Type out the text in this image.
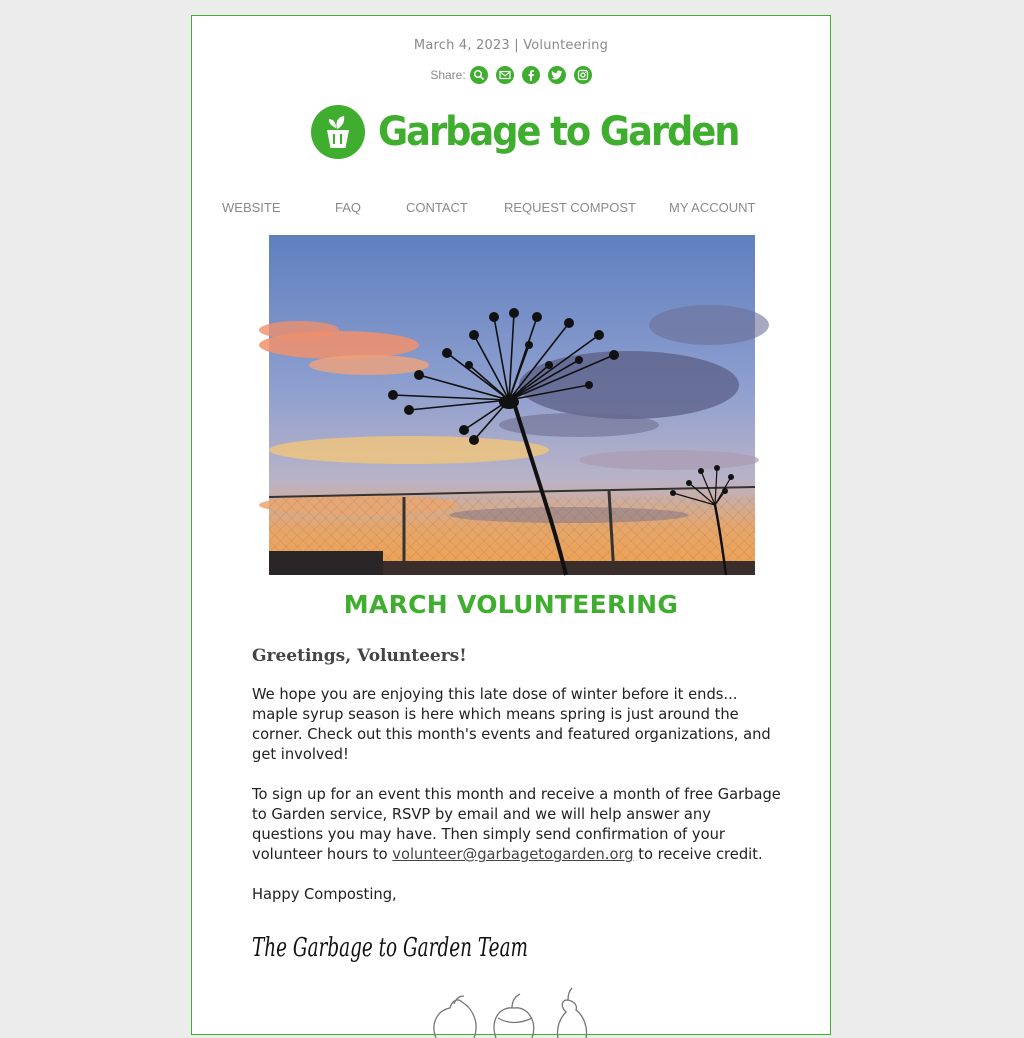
March 4, 2023 | Volunteering
Share:
Garbage to Garden
WEBSITE	FAQ	CONTACT	REQUEST COMPOST	MY ACCOUNT
MARCH VOLUNTEERING
Greetings, Volunteers!

We hope you are enjoying this late dose of winter before it ends... maple syrup season is here which means spring is just around the corner. Check out this month's events and featured organizations, and get involved!

To sign up for an event this month and receive a month of free Garbage to Garden service, RSVP by email and we will help answer any questions you may have. Then simply send confirmation of your volunteer hours to volunteer@garbagetogarden.org to receive credit.

Happy Composting,

The Garbage to Garden Team
